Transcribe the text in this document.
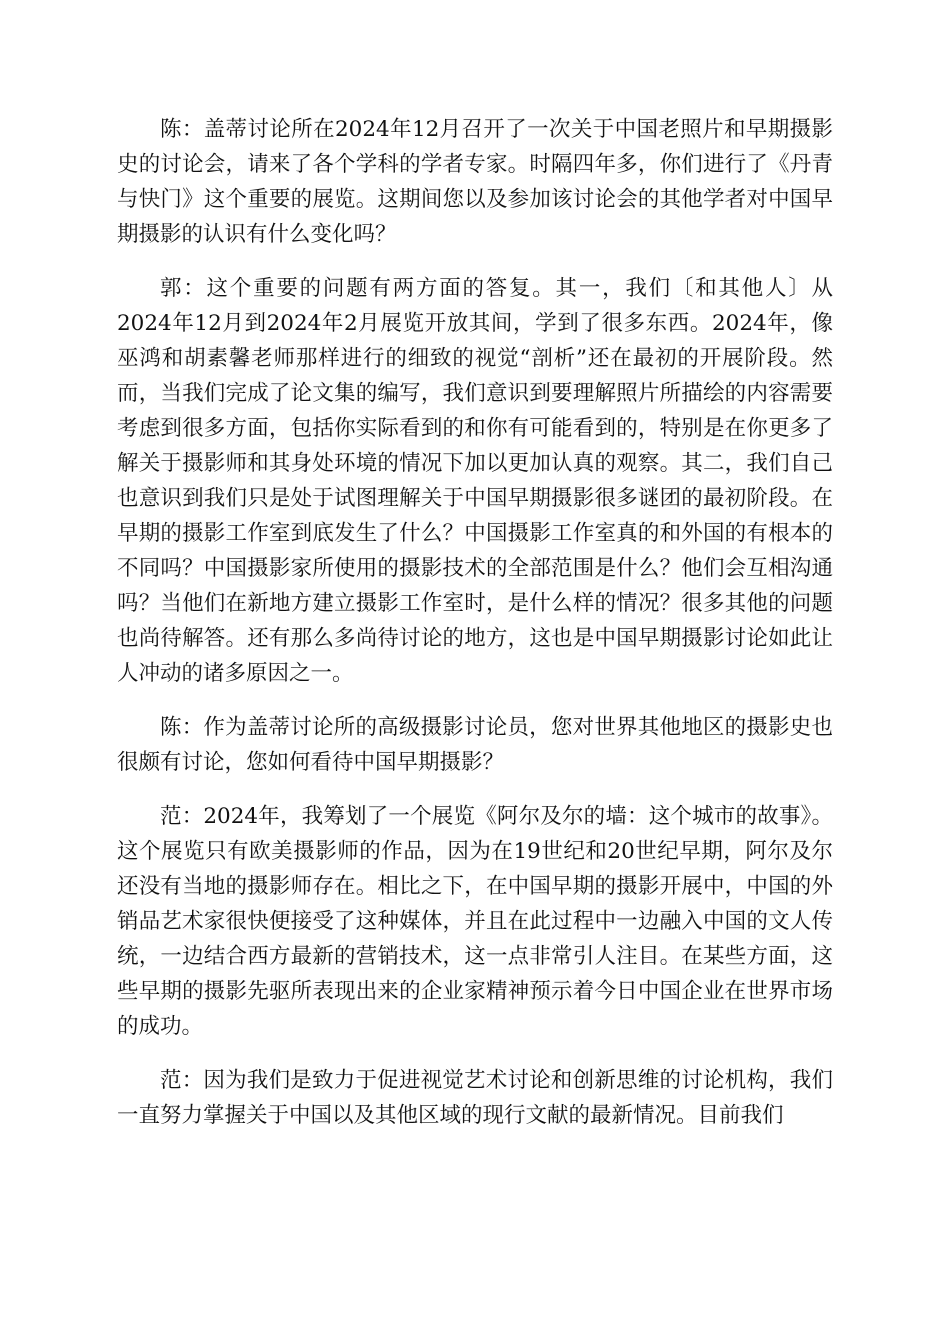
陈：盖蒂讨论所在2024年12月召开了一次关于中国老照片和早期摄影史的讨论会，请来了各个学科的学者专家。时隔四年多，你们进行了《丹青与快门》这个重要的展览。这期间您以及参加该讨论会的其他学者对中国早期摄影的认识有什么变化吗？

郭：这个重要的问题有两方面的答复。其一，我们〔和其他人〕从2024年12月到2024年2月展览开放其间，学到了很多东西。2024年，像巫鸿和胡素馨老师那样进行的细致的视觉“剖析”还在最初的开展阶段。然而，当我们完成了论文集的编写，我们意识到要理解照片所描绘的内容需要考虑到很多方面，包括你实际看到的和你有可能看到的，特别是在你更多了解关于摄影师和其身处环境的情况下加以更加认真的观察。其二，我们自己也意识到我们只是处于试图理解关于中国早期摄影很多谜团的最初阶段。在早期的摄影工作室到底发生了什么？中国摄影工作室真的和外国的有根本的不同吗？中国摄影家所使用的摄影技术的全部范围是什么？他们会互相沟通吗？当他们在新地方建立摄影工作室时，是什么样的情况？很多其他的问题也尚待解答。还有那么多尚待讨论的地方，这也是中国早期摄影讨论如此让人冲动的诸多原因之一。

陈：作为盖蒂讨论所的高级摄影讨论员，您对世界其他地区的摄影史也很颇有讨论，您如何看待中国早期摄影？

范：2024年，我筹划了一个展览《阿尔及尔的墙：这个城市的故事》。这个展览只有欧美摄影师的作品，因为在19世纪和20世纪早期，阿尔及尔还没有当地的摄影师存在。相比之下，在中国早期的摄影开展中，中国的外销品艺术家很快便接受了这种媒体，并且在此过程中一边融入中国的文人传统，一边结合西方最新的营销技术，这一点非常引人注目。在某些方面，这些早期的摄影先驱所表现出来的企业家精神预示着今日中国企业在世界市场的成功。

范：因为我们是致力于促进视觉艺术讨论和创新思维的讨论机构，我们一直努力掌握关于中国以及其他区域的现行文献的最新情况。目前我们
